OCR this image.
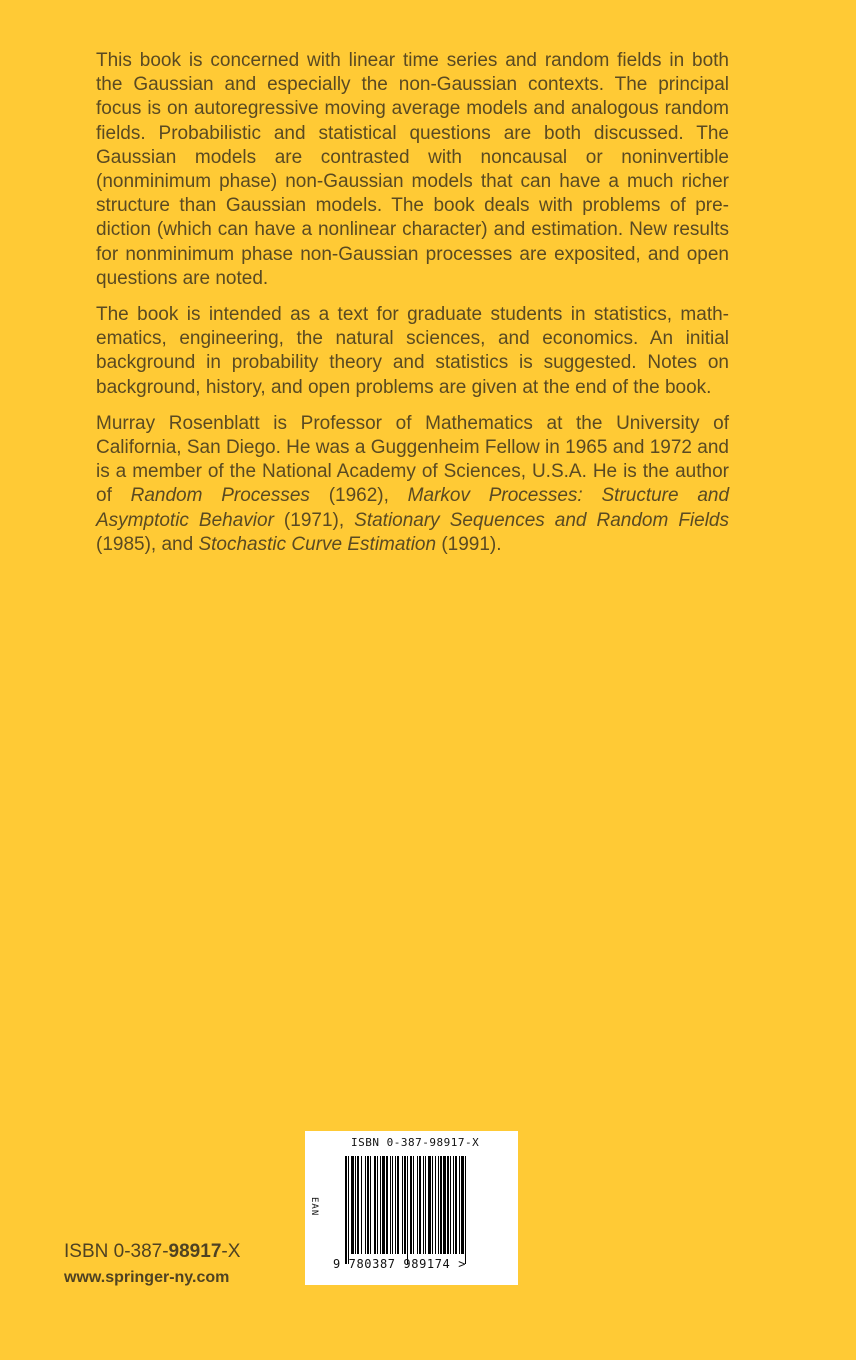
This book is concerned with linear time series and random fields in both the Gaussian and especially the non-Gaussian contexts. The principal focus is on autoregressive moving average models and analogous random fields. Probabilistic and statistical questions are both discussed. The Gaussian models are contrasted with noncausal or noninvertible (nonminimum phase) non-Gaussian models that can have a much richer structure than Gaussian models. The book deals with problems of prediction (which can have a nonlinear character) and estimation. New results for nonminimum phase non-Gaussian processes are exposited, and open questions are noted.

The book is intended as a text for graduate students in statistics, mathematics, engineering, the natural sciences, and economics. An initial background in probability theory and statistics is suggested. Notes on background, history, and open problems are given at the end of the book.

Murray Rosenblatt is Professor of Mathematics at the University of California, San Diego. He was a Guggenheim Fellow in 1965 and 1972 and is a member of the National Academy of Sciences, U.S.A. He is the author of Random Processes (1962), Markov Processes: Structure and Asymptotic Behavior (1971), Stationary Sequences and Random Fields (1985), and Stochastic Curve Estimation (1991).

ISBN 0-387-98917-X
www.springer-ny.com
ISBN 0-387-98917-X
EAN
9 780387 989174 >
